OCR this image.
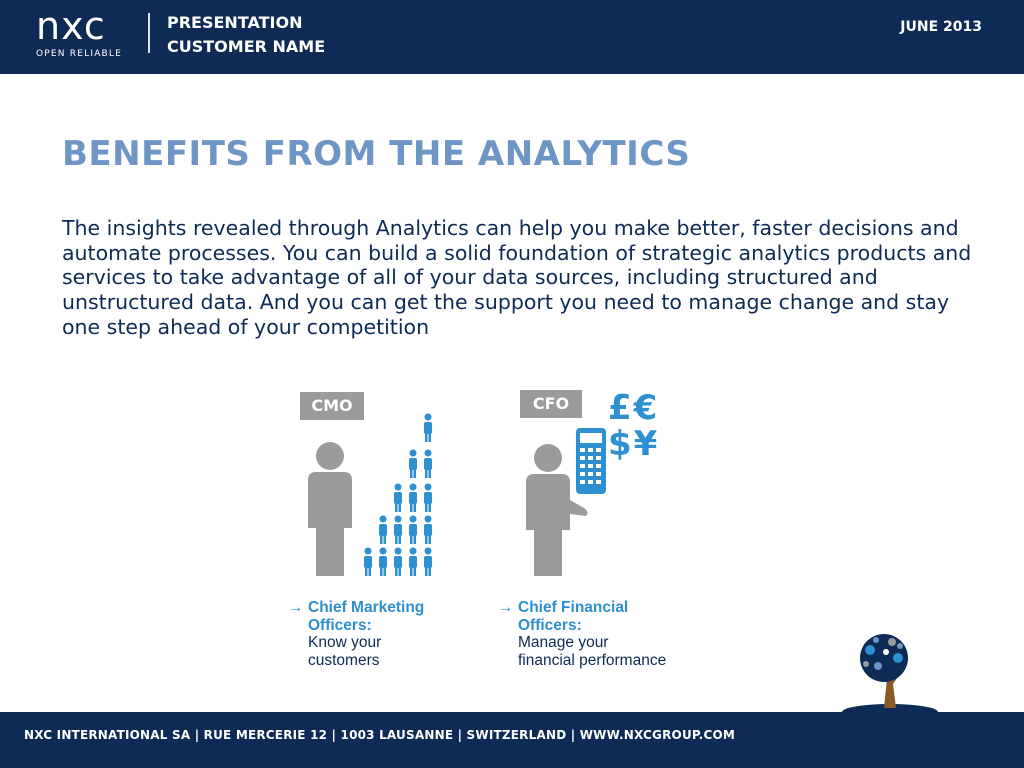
nxc
OPEN RELIABLE
PRESENTATION
CUSTOMER NAME
JUNE 2013
BENEFITS FROM THE ANALYTICS
The insights revealed through Analytics can help you make better, faster decisions and automate processes. You can build a solid foundation of strategic analytics products and services to take advantage of all of your data sources, including structured and unstructured data. And you can get the support you need to manage change and stay one step ahead of your competition
CMO
→ Chief Marketing
Officers:
Know your
customers
CFO	£€
$¥
→ Chief Financial
Officers:
Manage your
financial performance
NXC INTERNATIONAL SA | RUE MERCERIE 12 | 1003 LAUSANNE | SWITZERLAND | WWW.NXCGROUP.COM
